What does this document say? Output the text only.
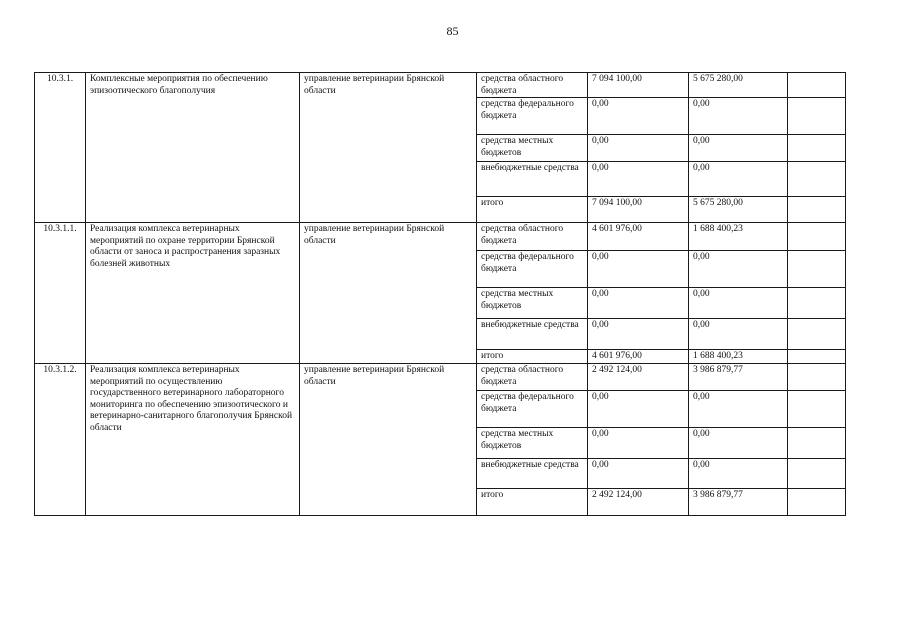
85
10.3.1.	Комплексные мероприятия по обеспечению эпизоотического благополучия	управление ветеринарии Брянской области	средства областного бюджета	7 094 100,00	5 675 280,00	
			средства федерального бюджета	0,00	0,00	
			средства местных бюджетов	0,00	0,00	
			внебюджетные средства	0,00	0,00	
			итого	7 094 100,00	5 675 280,00	
10.3.1.1.	Реализация комплекса ветеринарных мероприятий по охране территории Брянской области от заноса и распространения заразных болезней животных	управление ветеринарии Брянской области	средства областного бюджета	4 601 976,00	1 688 400,23	
			средства федерального бюджета	0,00	0,00	
			средства местных бюджетов	0,00	0,00	
			внебюджетные средства	0,00	0,00	
			итого	4 601 976,00	1 688 400,23	
10.3.1.2.	Реализация комплекса ветеринарных мероприятий по осуществлению государственного ветеринарного лабораторного мониторинга по обеспечению эпизоотического и ветеринарно-санитарного благополучия Брянской области	управление ветеринарии Брянской области	средства областного бюджета	2 492 124,00	3 986 879,77	
			средства федерального бюджета	0,00	0,00	
			средства местных бюджетов	0,00	0,00	
			внебюджетные средства	0,00	0,00	
			итого	2 492 124,00	3 986 879,77	
